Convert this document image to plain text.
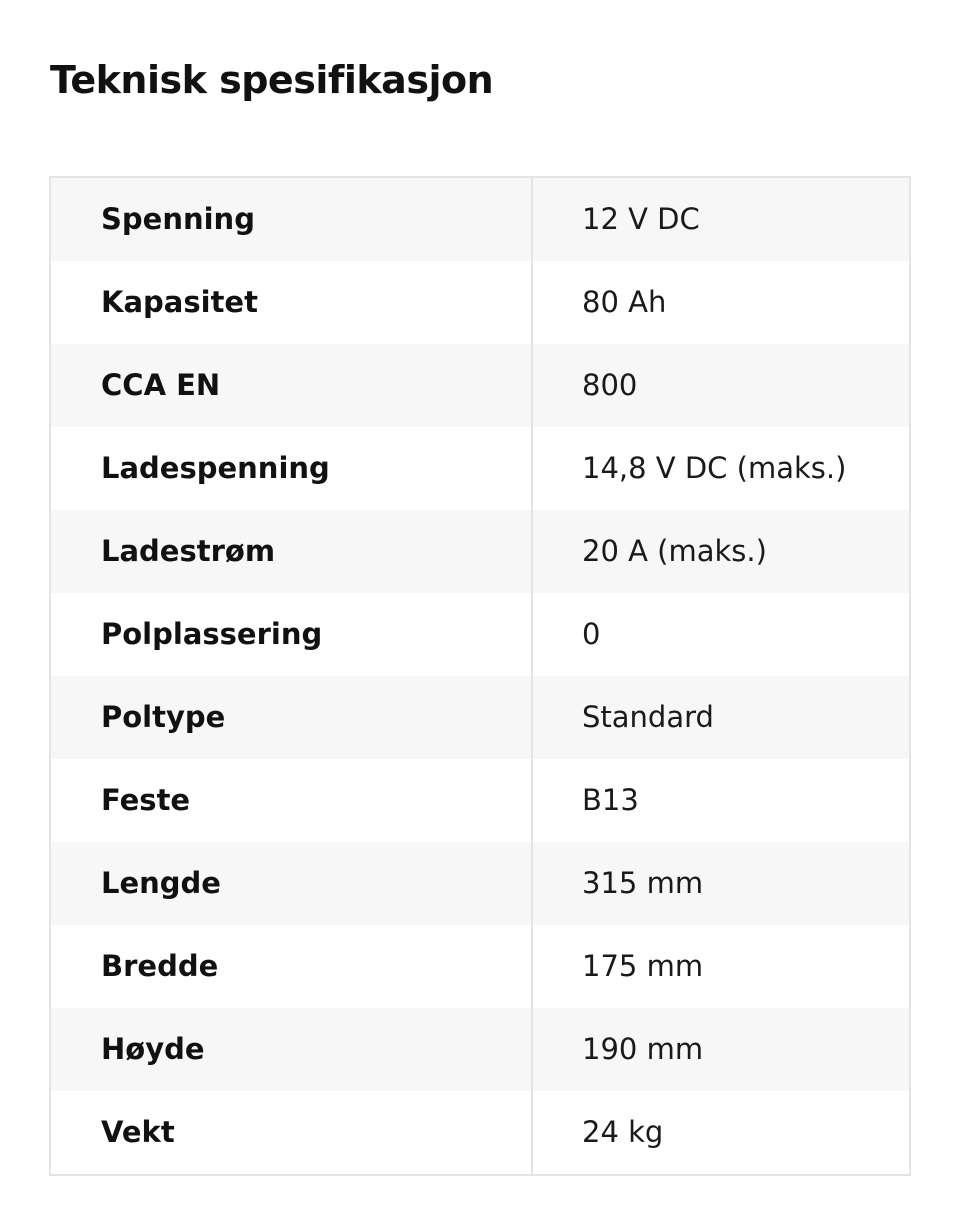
Teknisk spesifikasjon
Spenning	12 V DC
Kapasitet	80 Ah
CCA EN	800
Ladespenning	14,8 V DC (maks.)
Ladestrøm	20 A (maks.)
Polplassering	0
Poltype	Standard
Feste	B13
Lengde	315 mm
Bredde	175 mm
Høyde	190 mm
Vekt	24 kg
